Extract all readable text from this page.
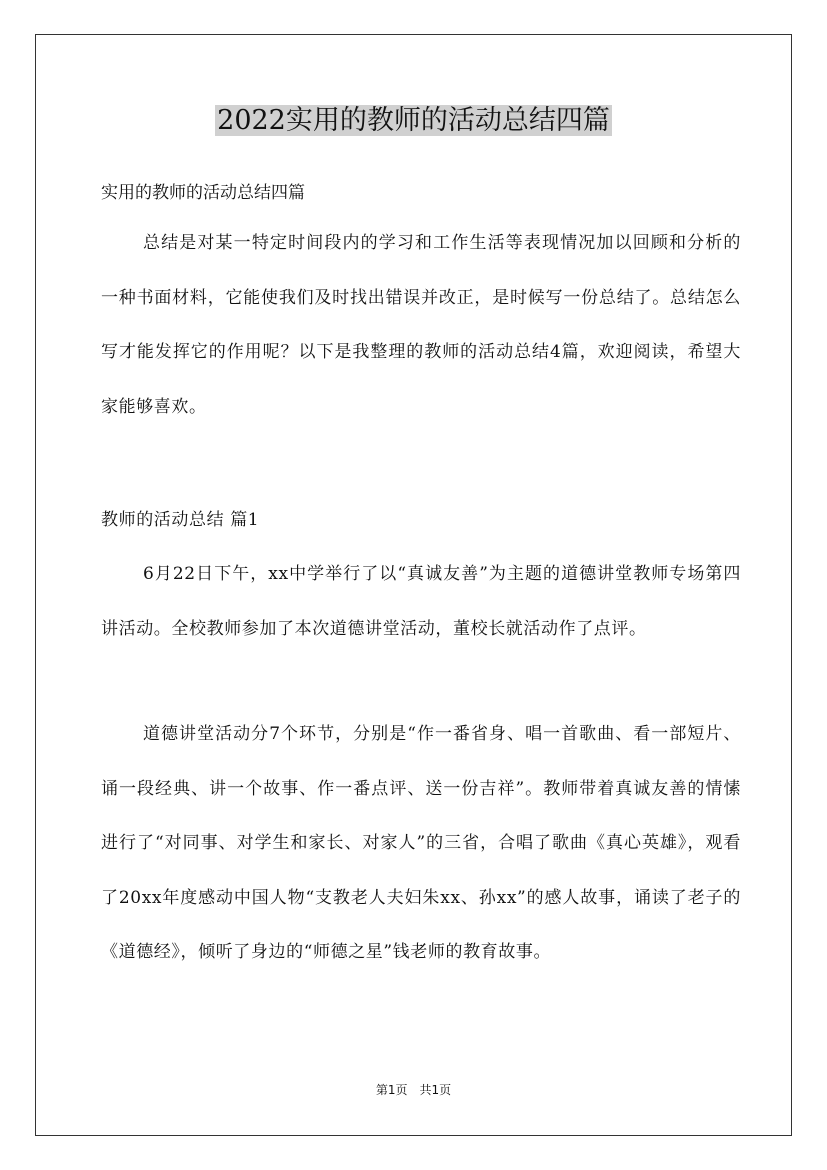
2022实用的教师的活动总结四篇

实用的教师的活动总结四篇

总结是对某一特定时间段内的学习和工作生活等表现情况加以回顾和分析的一种书面材料，它能使我们及时找出错误并改正，是时候写一份总结了。总结怎么写才能发挥它的作用呢？以下是我整理的教师的活动总结4篇，欢迎阅读，希望大家能够喜欢。

教师的活动总结 篇1

6月22日下午，xx中学举行了以“真诚友善”为主题的道德讲堂教师专场第四讲活动。全校教师参加了本次道德讲堂活动，董校长就活动作了点评。

道德讲堂活动分7个环节，分别是“作一番省身、唱一首歌曲、看一部短片、诵一段经典、讲一个故事、作一番点评、送一份吉祥”。教师带着真诚友善的情愫进行了“对同事、对学生和家长、对家人”的三省，合唱了歌曲《真心英雄》，观看了20xx年度感动中国人物“支教老人夫妇朱xx、孙xx”的感人故事，诵读了老子的《道德经》，倾听了身边的“师德之星”钱老师的教育故事。

第1页　共1页
